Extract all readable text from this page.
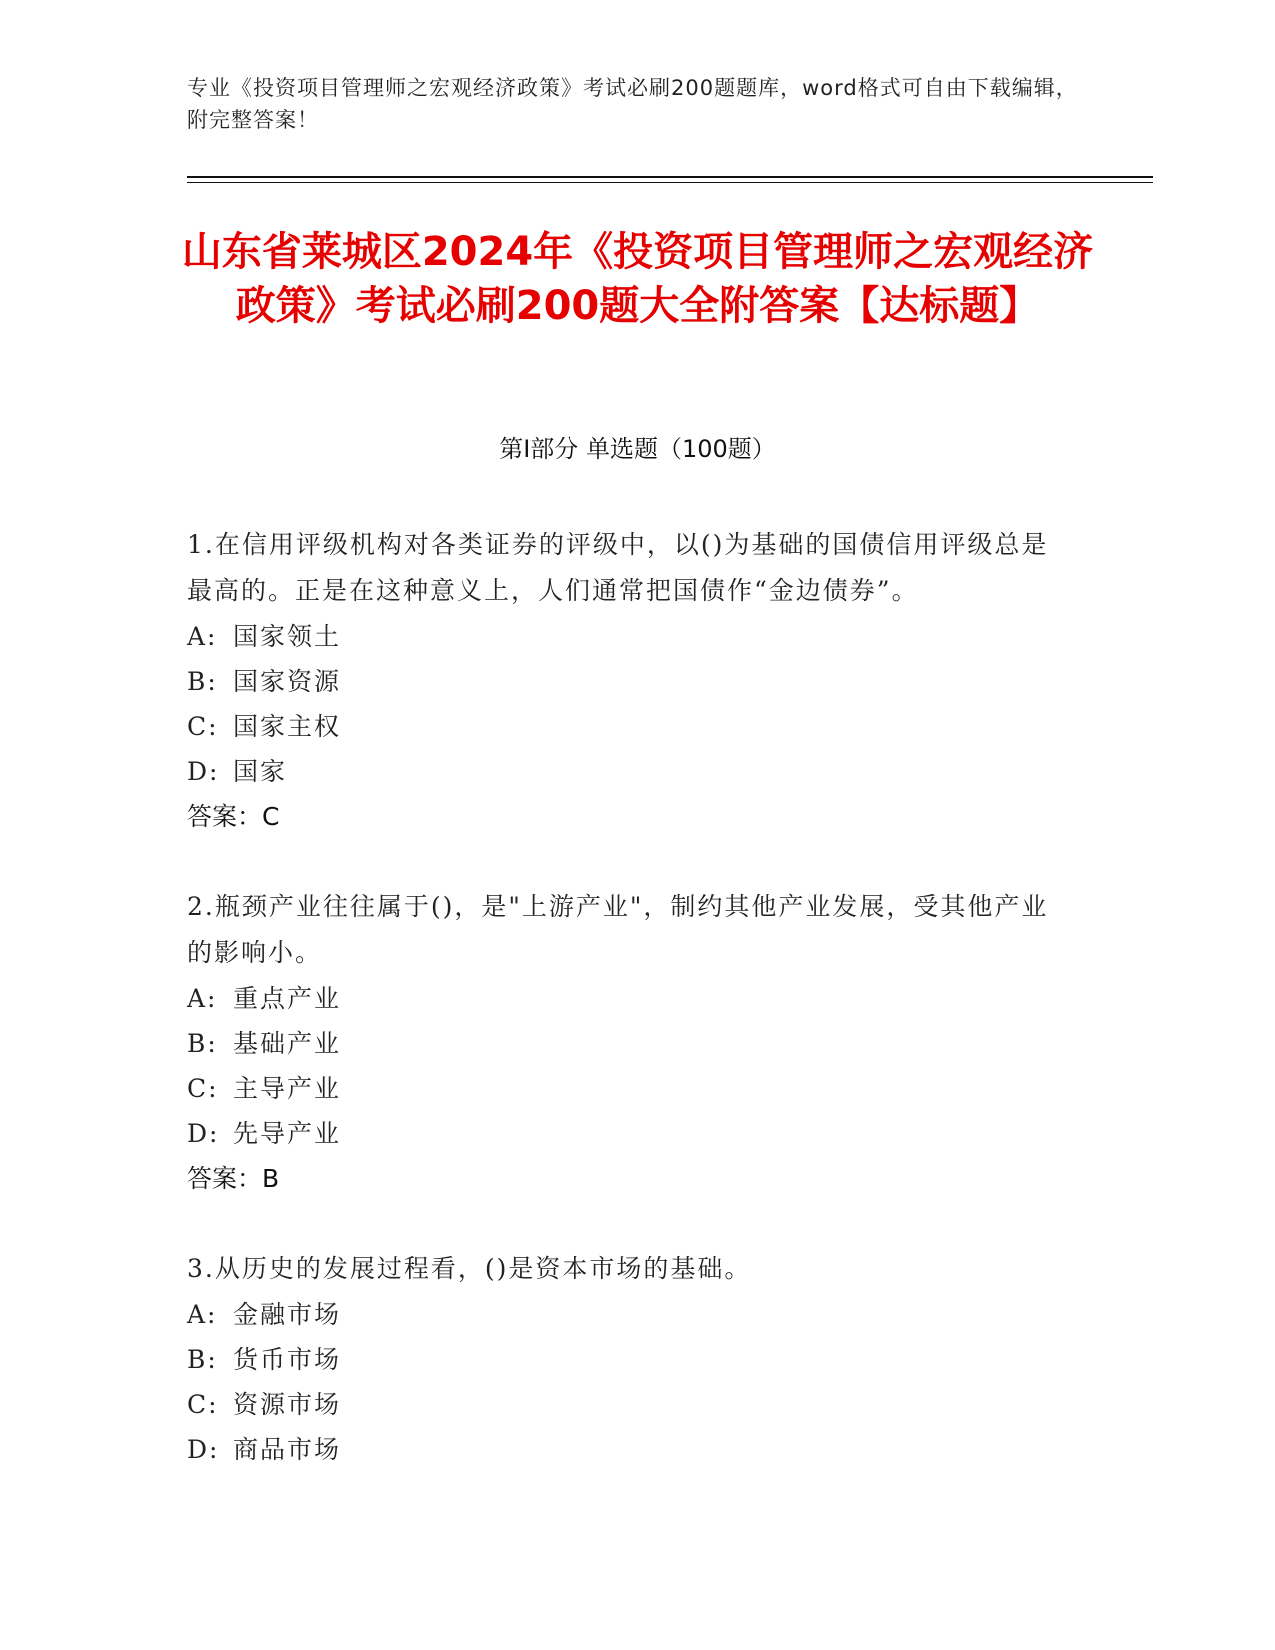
专业《投资项目管理师之宏观经济政策》考试必刷200题题库，word格式可自由下载编辑，附完整答案！
山东省莱城区2024年《投资项目管理师之宏观经济政策》考试必刷200题大全附答案【达标题】
第Ⅰ部分 单选题（100题）

1.在信用评级机构对各类证券的评级中，以()为基础的国债信用评级总是最高的。正是在这种意义上，人们通常把国债作“金边债券”。

A: 国家领土
B: 国家资源
C: 国家主权
D: 国家
答案：C

2.瓶颈产业往往属于()，是"上游产业"，制约其他产业发展，受其他产业的影响小。

A: 重点产业
B: 基础产业
C: 主导产业
D: 先导产业
答案：B

3.从历史的发展过程看，()是资本市场的基础。

A: 金融市场
B: 货币市场
C: 资源市场
D: 商品市场
